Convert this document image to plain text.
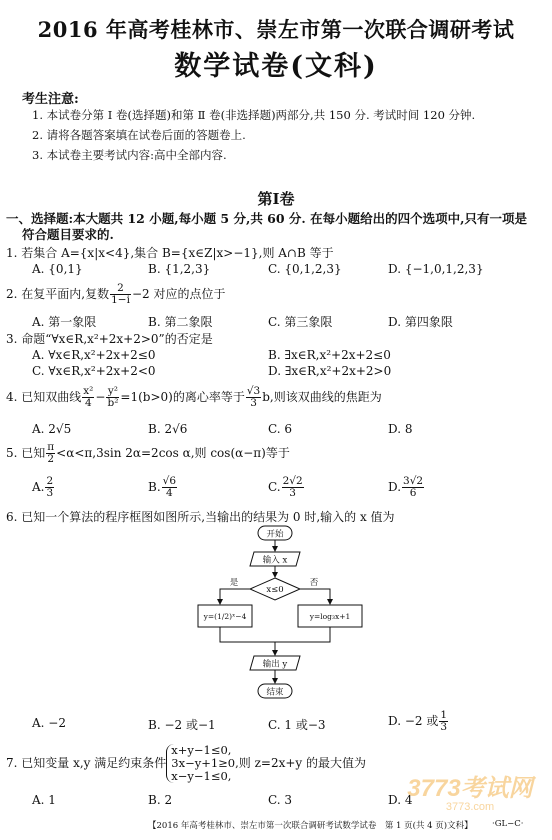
2016 年高考桂林市、崇左市第一次联合调研考试
数学试卷(文科)
考生注意:
1. 本试卷分第 Ⅰ 卷(选择题)和第 Ⅱ 卷(非选择题)两部分,共 150 分. 考试时间 120 分钟.
2. 请将各题答案填在试卷后面的答题卷上.
3. 本试卷主要考试内容:高中全部内容.
第Ⅰ卷
一、选择题:本大题共 12 小题,每小题 5 分,共 60 分. 在每小题给出的四个选项中,只有一项是
符合题目要求的.
1. 若集合 A={x|x<4},集合 B={x∈Z|x>−1},则 A∩B 等于
A. {0,1}	B. {1,2,3}	C. {0,1,2,3}	D. {−1,0,1,2,3}
2. 在复平面内,复数 $\frac{2}{1-i} -2$ 对应的点位于
A. 第一象限	B. 第二象限	C. 第三象限	D. 第四象限
3. 命题“∀x∈R,x²+2x+2>0”的否定是
A. ∀x∈R,x²+2x+2≤0	B. ∃x∈R,x²+2x+2≤0
C. ∀x∈R,x²+2x+2<0	D. ∃x∈R,x²+2x+2>0
4. 已知双曲线 $\frac{\text{x²}}{4} - \frac{\text{y²}}{\text{b²}} =1(b>0)$的离心率等于 $\frac{√3}{3} b$,则该双曲线的焦距为
A. 2√5	B. 2√6	C. 6	D. 8
5. 已知 $\frac{\pi}{2} <\alpha<\pi,3\sin$ 2α=2cos α,则 cos(α−π)等于
A. $\frac{2}{3}$	B. $\frac{√6}{4}$	C. $\frac{2√2}{3}$	D. $\frac{3√2}{6}$
6. 已知一个算法的程序框图如图所示,当输出的结果为 0 时,输入的 x 值为
开始
输入 x
x≤0
是	否
y=(1/2)ˣ−4	y=log₃x+1
输出 y
结束
A. −2	B. −2 或−1	C. 1 或−3	D. −2 或 $\frac{1}{3}$
7. 已知变量 x,y 满足约束条件
x+y−1≤0,
3x−y+1≥0,
x−y−1≤0,
则 z=2x+y 的最大值为
A. 1	B. 2	C. 3	D. 4
3773考试网
3773.com
【2016 年高考桂林市、崇左市第一次联合调研考试数学试卷　第 1 页(共 4 页)文科】 ·GL−C·
